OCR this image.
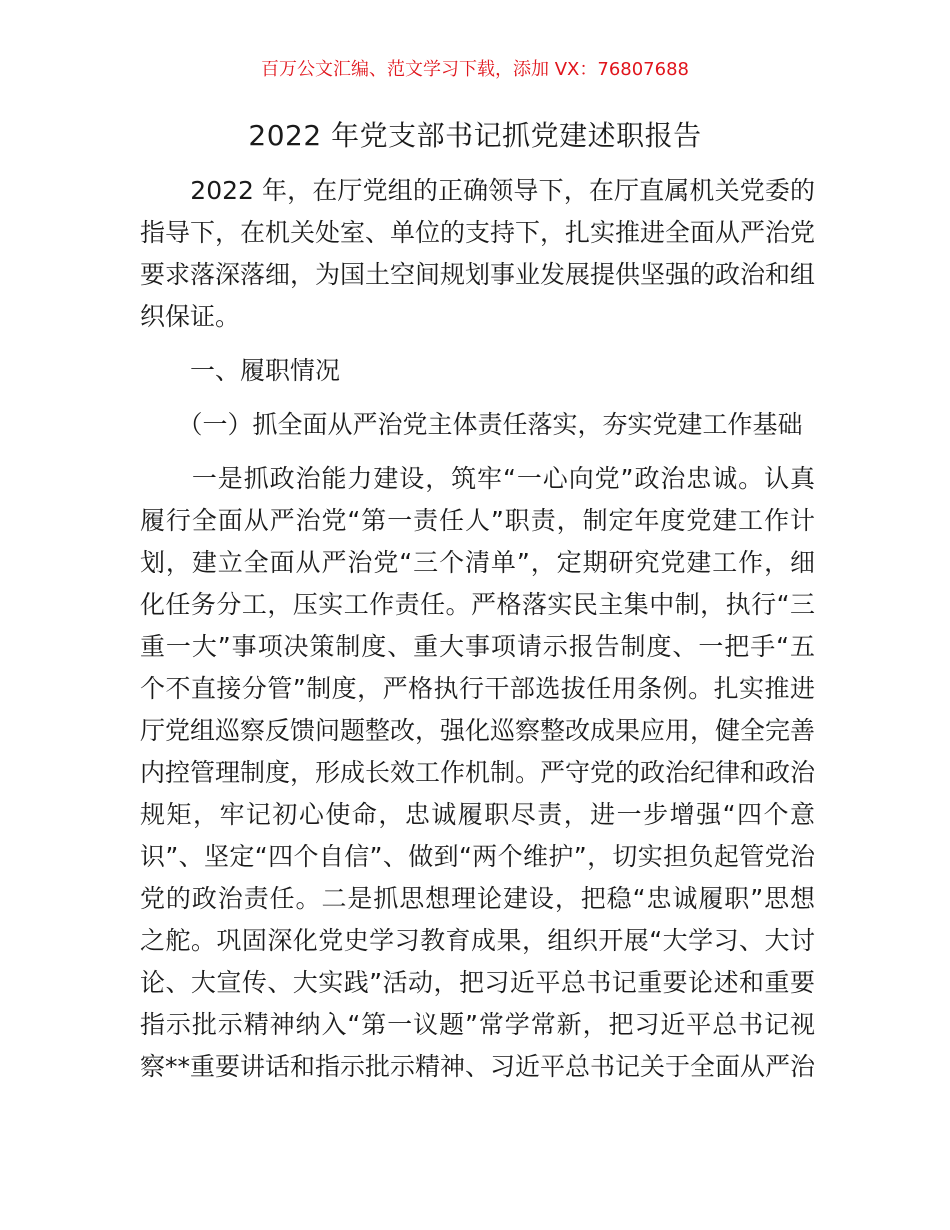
百万公文汇编、范文学习下载，添加 VX：76807688
2022 年党支部书记抓党建述职报告
　　2022 年，在厅党组的正确领导下，在厅直属机关党委的
指导下，在机关处室、单位的支持下，扎实推进全面从严治党
要求落深落细，为国土空间规划事业发展提供坚强的政治和组
织保证。
　　一、履职情况
　　（一）抓全面从严治党主体责任落实，夯实党建工作基础
　　一是抓政治能力建设，筑牢“一心向党”政治忠诚。认真
履行全面从严治党“第一责任人”职责，制定年度党建工作计
划，建立全面从严治党“三个清单”，定期研究党建工作，细
化任务分工，压实工作责任。严格落实民主集中制，执行“三
重一大”事项决策制度、重大事项请示报告制度、一把手“五
个不直接分管”制度，严格执行干部选拔任用条例。扎实推进
厅党组巡察反馈问题整改，强化巡察整改成果应用，健全完善
内控管理制度，形成长效工作机制。严守党的政治纪律和政治
规矩，牢记初心使命，忠诚履职尽责，进一步增强“四个意
识”、坚定“四个自信”、做到“两个维护”，切实担负起管党治
党的政治责任。二是抓思想理论建设，把稳“忠诚履职”思想
之舵。巩固深化党史学习教育成果，组织开展“大学习、大讨
论、大宣传、大实践”活动，把习近平总书记重要论述和重要
指示批示精神纳入“第一议题”常学常新，把习近平总书记视
察**重要讲话和指示批示精神、习近平总书记关于全面从严治
